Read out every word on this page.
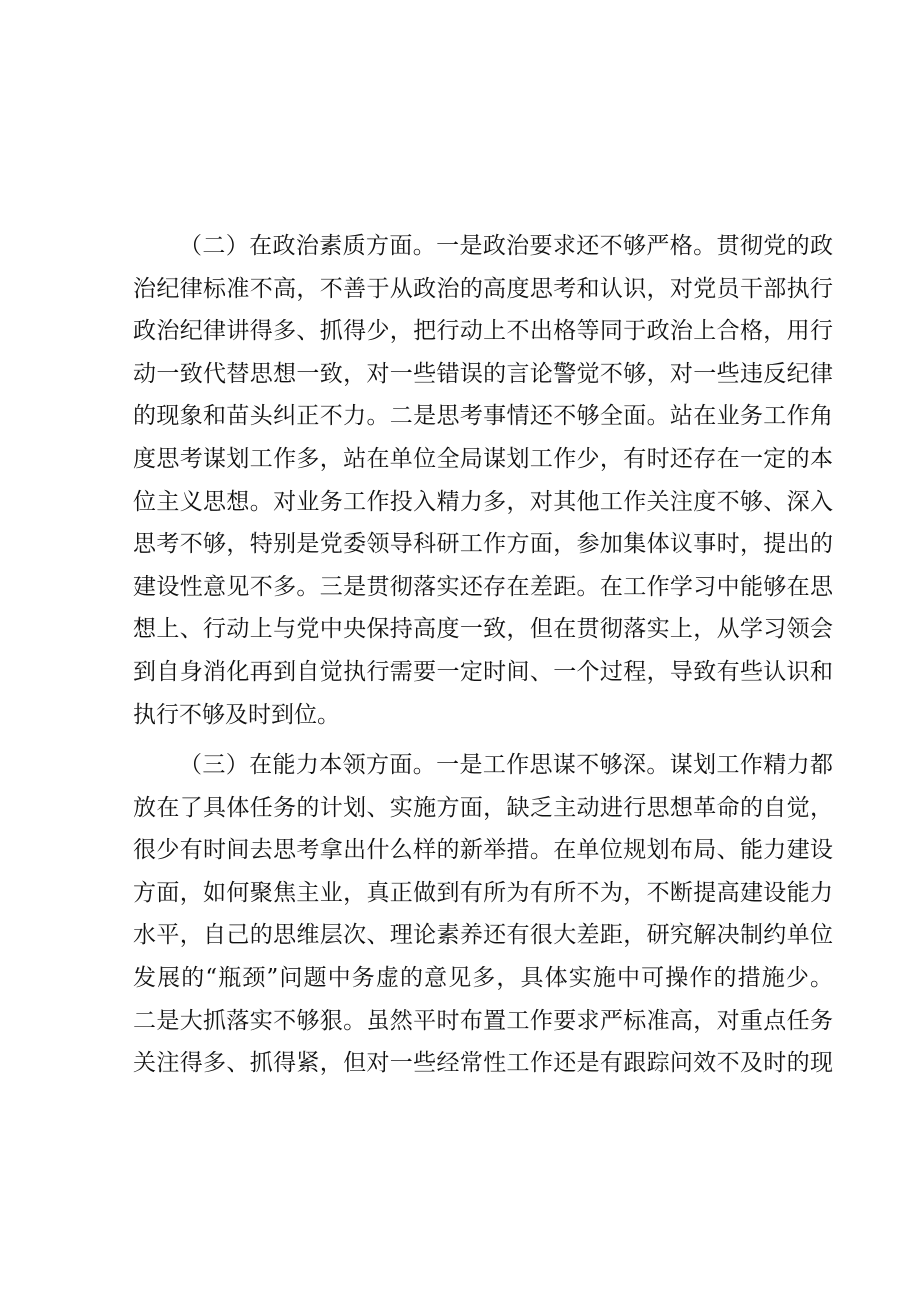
（二）在政治素质方面。一是政治要求还不够严格。贯彻党的政
治纪律标准不高，不善于从政治的高度思考和认识，对党员干部执行
政治纪律讲得多、抓得少，把行动上不出格等同于政治上合格，用行
动一致代替思想一致，对一些错误的言论警觉不够，对一些违反纪律
的现象和苗头纠正不力。二是思考事情还不够全面。站在业务工作角
度思考谋划工作多，站在单位全局谋划工作少，有时还存在一定的本
位主义思想。对业务工作投入精力多，对其他工作关注度不够、深入
思考不够，特别是党委领导科研工作方面，参加集体议事时，提出的
建设性意见不多。三是贯彻落实还存在差距。在工作学习中能够在思
想上、行动上与党中央保持高度一致，但在贯彻落实上，从学习领会
到自身消化再到自觉执行需要一定时间、一个过程，导致有些认识和
执行不够及时到位。
（三）在能力本领方面。一是工作思谋不够深。谋划工作精力都
放在了具体任务的计划、实施方面，缺乏主动进行思想革命的自觉，
很少有时间去思考拿出什么样的新举措。在单位规划布局、能力建设
方面，如何聚焦主业，真正做到有所为有所不为，不断提高建设能力
水平，自己的思维层次、理论素养还有很大差距，研究解决制约单位
发展的“瓶颈”问题中务虚的意见多，具体实施中可操作的措施少。
二是大抓落实不够狠。虽然平时布置工作要求严标准高，对重点任务
关注得多、抓得紧，但对一些经常性工作还是有跟踪问效不及时的现
